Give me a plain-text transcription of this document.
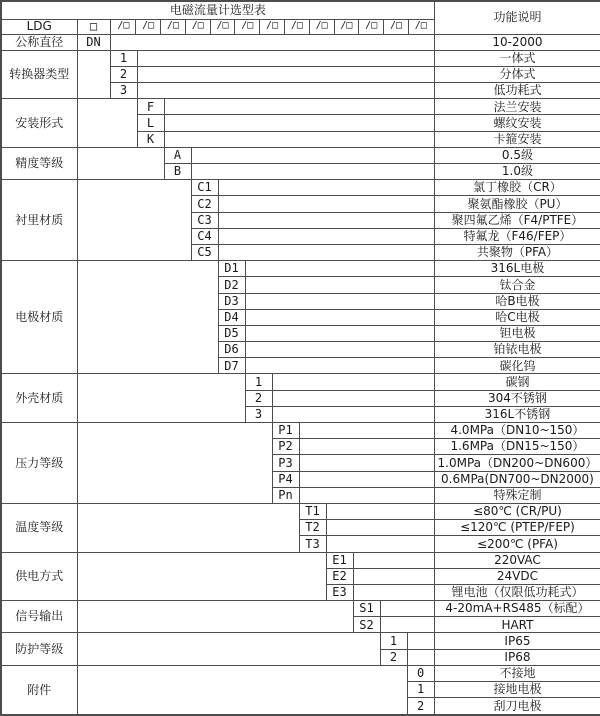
电磁流量计选型表														功能说明
LDG	□	/□	/□	/□	/□	/□	/□	/□	/□	/□	/□	/□	/□	/□

公称直径	DN													10-2000
转换器类型		1												一体式
		2												分体式
		3												低功耗式
安装形式			F											法兰安装
			L											螺纹安装
			K											卡箍安装
精度等级				A										0.5级
				B										1.0级
衬里材质					C1									氯丁橡胶（CR）
					C2									聚氨酯橡胶（PU）
					C3									聚四氟乙烯（F4/PTFE）
					C4									特氟龙（F46/FEP）
					C5									共聚物（PFA）
电极材质						D1								316L电极
						D2								钛合金
						D3								哈B电极
						D4								哈C电极
						D5								钽电极
						D6								铂铱电极
						D7								碳化钨
外壳材质							1							碳钢
							2							304不锈钢
							3							316L不锈钢
压力等级								P1						4.0MPa（DN10~150）
								P2						1.6MPa（DN15~150）
								P3						1.0MPa（DN200~DN600）
								P4						0.6MPa(DN700~DN2000)
								Pn						特殊定制
温度等级									T1					≤80℃ (CR/PU)
									T2					≤120℃ (PTEP/FEP)
									T3					≤200℃ (PFA)
供电方式										E1				220VAC
										E2				24VDC
										E3				锂电池（仅限低功耗式）
信号输出											S1			4-20mA+RS485（标配）
											S2			HART
防护等级												1		IP65
												2		IP68
附件													0	不接地
													1	接地电极
													2	刮刀电极
